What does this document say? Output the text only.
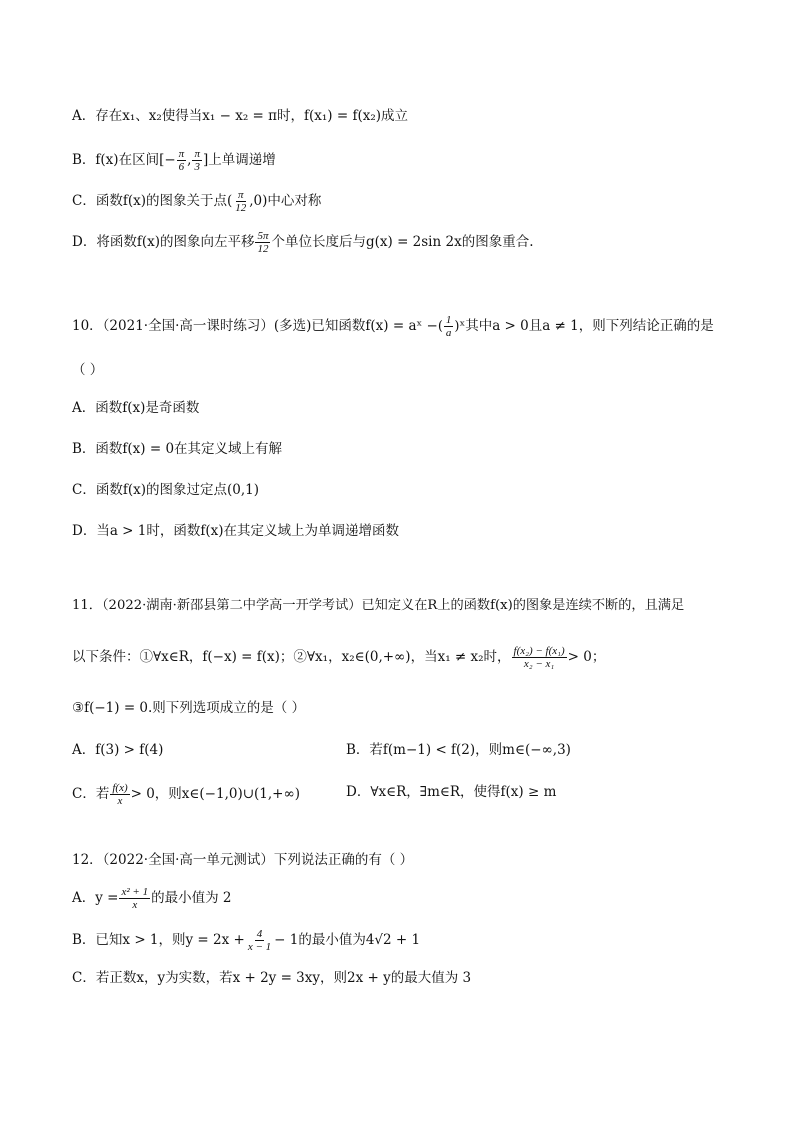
A．存在x₁、x₂使得当x₁ − x₂ = π时，f(x₁) = f(x₂)成立
B．f(x)在区间[− $\frac{\pi}{6}$ , $\frac{\pi}{3}$ ]上单调递增
C．函数f(x)的图象关于点( $\frac{\pi}{12} ,0$)中心对称
D．将函数f(x)的图象向左平移 $\frac{5\pi}{12}$ 个单位长度后与g(x) = 2sin 2x的图象重合.
10．（2021·全国·高一课时练习）(多选)已知函数f(x) = aˣ −( $\frac{1}{a}$ )ˣ其中a > 0且a ≠ 1，则下列结论正确的是
（ ）
A．函数f(x)是奇函数
B．函数f(x) = 0在其定义域上有解
C．函数f(x)的图象过定点(0,1)
D．当a > 1时，函数f(x)在其定义域上为单调递增函数
11．（2022·湖南·新邵县第二中学高一开学考试）已知定义在R上的函数f(x)的图象是连续不断的，且满足
以下条件：①∀x∈R，f(−x) = f(x)；②∀x₁，x₂∈(0,+∞)，当x₁ ≠ x₂时， $\frac{\text{f(x₂) − f(x₁)}}{\text{x₂ − x₁}} > 0$；
③f(−1) = 0.则下列选项成立的是（ ）
A．f(3) > f(4)	B．若f(m−1) < f(2)，则m∈(−∞,3)
C．若 $\frac{f(x)}{x} > 0$，则x∈(−1,0)∪(1,+∞)	D．∀x∈R，∃m∈R，使得f(x) ≥ m
12．（2022·全国·高一单元测试）下列说法正确的有（ ）
A．$y = \frac{\text{x² + 1}}{x}$ 的最小值为 2
B．已知x > 1，则$y = 2x + \frac{4}{x - 1} - 1$的最小值为4√2 + 1
C．若正数x，y为实数，若x + 2y = 3xy，则2x + y的最大值为 3
